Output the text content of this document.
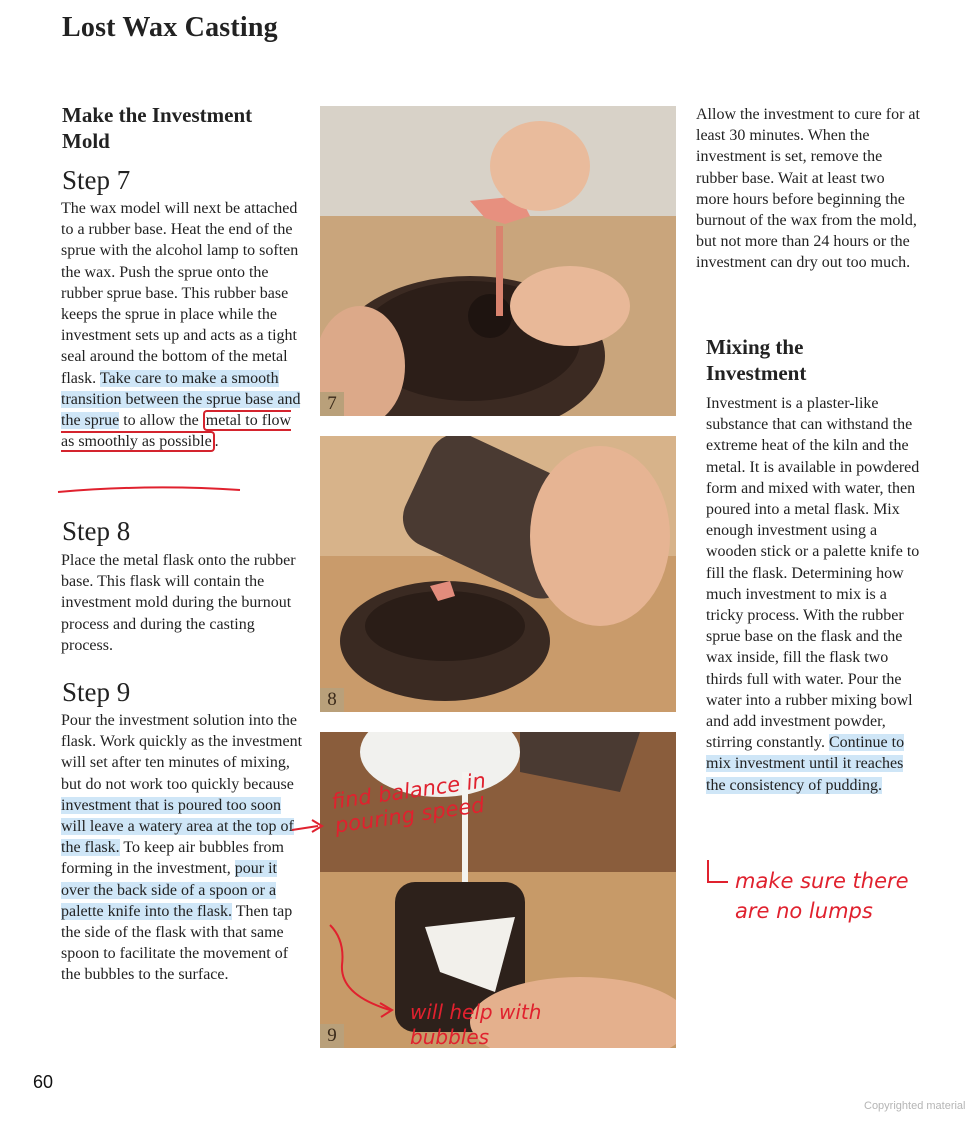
Lost Wax Casting
Make the Investment
Mold
Step 7

The wax model will next be attached to a rubber base. Heat the end of the sprue with the alcohol lamp to soften the wax. Push the sprue onto the rubber sprue base. This rubber base keeps the sprue in place while the investment sets up and acts as a tight seal around the bottom of the metal flask. Take care to make a smooth transition between the sprue base and the sprue to allow the metal to flow as smoothly as possible .

Step 8

Place the metal flask onto the rubber base. This flask will contain the investment mold during the burnout process and during the casting process.

Step 9

Pour the investment solution into the flask. Work quickly as the investment will set after ten minutes of mixing, but do not work too quickly because investment that is poured too soon will leave a watery area at the top of the flask. To keep air bubbles from forming in the investment, pour it over the back side of a spoon or a palette knife into the flask. Then tap the side of the flask with that same spoon to facilitate the movement of the bubbles to the surface.

7
8
9

Allow the investment to cure for at least 30 minutes. When the investment is set, remove the rubber base. Wait at least two more hours before beginning the burnout of the wax from the mold, but not more than 24 hours or the investment can dry out too much.

Mixing the
Investment

Investment is a plaster-like substance that can withstand the extreme heat of the kiln and the metal. It is available in powdered form and mixed with water, then poured into a metal flask. Mix enough investment using a wooden stick or a palette knife to fill the flask. Determining how much investment to mix is a tricky process. With the rubber sprue base on the flask and the wax inside, fill the flask two thirds full with water. Pour the water into a rubber mixing bowl and add investment powder, stirring constantly. Continue to mix investment until it reaches the consistency of pudding.

find balance in pouring speed
will help with bubbles
make sure there are no lumps
60
Copyrighted material
